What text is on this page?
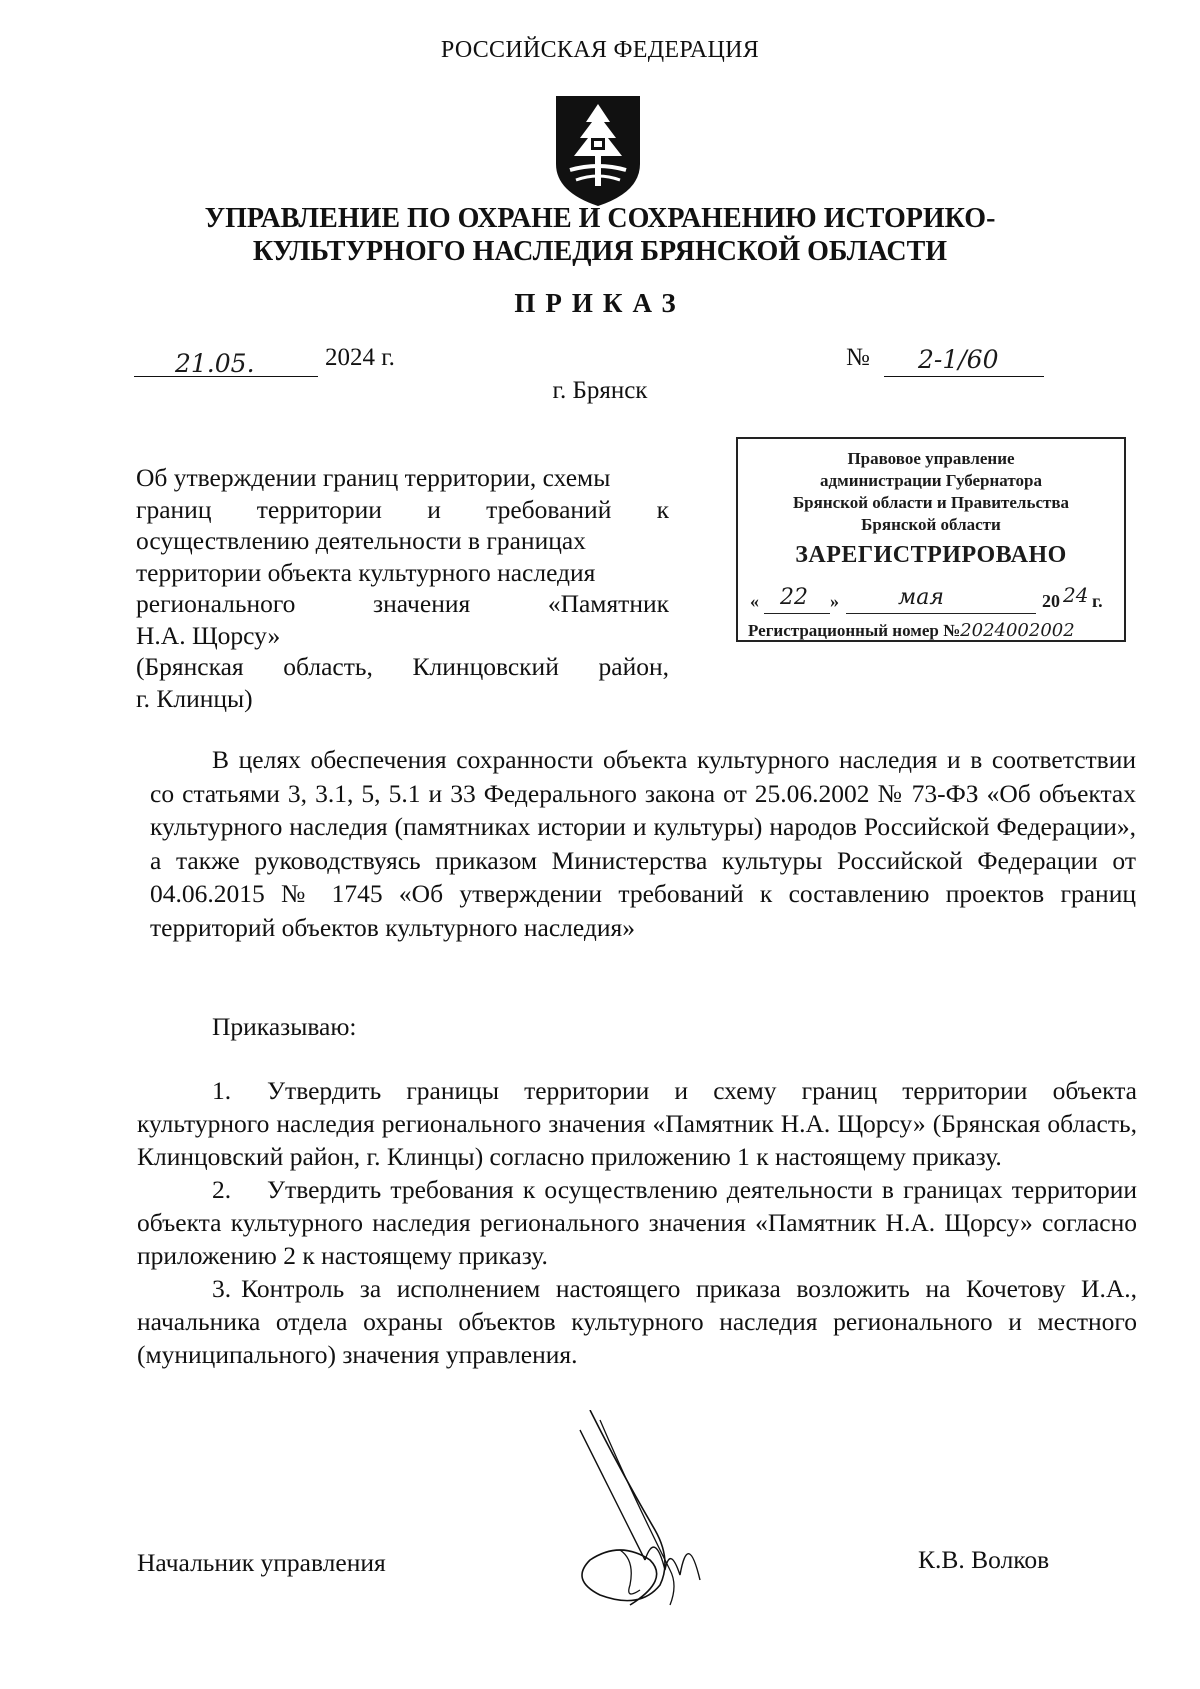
РОССИЙСКАЯ ФЕДЕРАЦИЯ
УПРАВЛЕНИЕ ПО ОХРАНЕ И СОХРАНЕНИЮ ИСТОРИКО-
КУЛЬТУРНОГО НАСЛЕДИЯ БРЯНСКОЙ ОБЛАСТИ
ПРИКАЗ
21.05.	2024 г.	№ 2-1/60
г. Брянск
Об утверждении границ территории, схемы
границ территории и требований к
осуществлению деятельности в границах
территории объекта культурного наследия
регионального значения «Памятник
Н.А. Щорсу»
(Брянская область, Клинцовский район,
г. Клинцы)
Правовое управление
администрации Губернатора
Брянской области и Правительства
Брянской области
ЗАРЕГИСТРИРОВАНО
« 22 »	мая	20 24 г.
Регистрационный номер №2024002002
В целях обеспечения сохранности объекта культурного наследия и в соответствии со статьями 3, 3.1, 5, 5.1 и 33 Федерального закона от 25.06.2002 № 73-ФЗ «Об объектах культурного наследия (памятниках истории и культуры) народов Российской Федерации», а также руководствуясь приказом Министерства культуры Российской Федерации от 04.06.2015 № 1745 «Об утверждении требований к составлению проектов границ территорий объектов культурного наследия»
Приказываю:
1. Утвердить границы территории и схему границ территории объекта культурного наследия регионального значения «Памятник Н.А. Щорсу» (Брянская область, Клинцовский район, г. Клинцы) согласно приложению 1 к настоящему приказу.
2. Утвердить требования к осуществлению деятельности в границах территории объекта культурного наследия регионального значения «Памятник Н.А. Щорсу» согласно приложению 2 к настоящему приказу.
3. Контроль за исполнением настоящего приказа возложить на Кочетову И.А., начальника отдела охраны объектов культурного наследия регионального и местного (муниципального) значения управления.
Начальник управления	К.В. Волков
